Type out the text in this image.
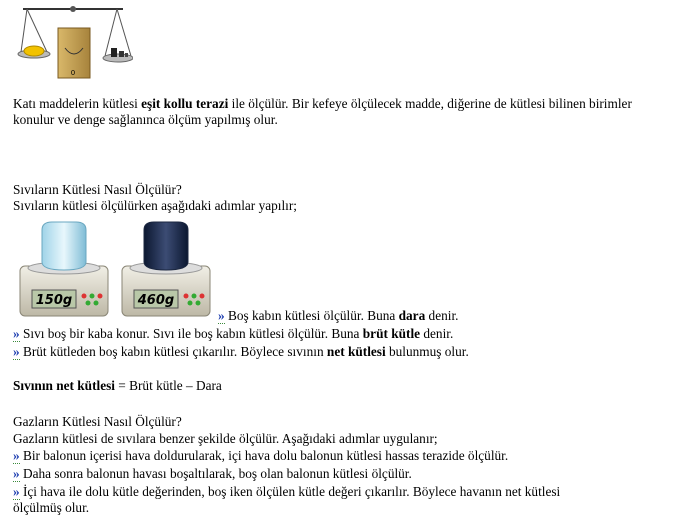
0
Katı maddelerin kütlesi eşit kollu terazi ile ölçülür. Bir kefeye ölçülecek madde, diğerine de kütlesi bilinen birimler konulur ve denge sağlanınca ölçüm yapılmış olur.
Sıvıların Kütlesi Nasıl Ölçülür?
Sıvıların kütlesi ölçülürken aşağıdaki adımlar yapılır;
150g	460g
» Boş kabın kütlesi ölçülür. Buna dara denir.
» Sıvı boş bir kaba konur. Sıvı ile boş kabın kütlesi ölçülür. Buna brüt kütle denir.
» Brüt kütleden boş kabın kütlesi çıkarılır. Böylece sıvının net kütlesi bulunmuş olur.
Sıvının net kütlesi = Brüt kütle – Dara
Gazların Kütlesi Nasıl Ölçülür?
Gazların kütlesi de sıvılara benzer şekilde ölçülür. Aşağıdaki adımlar uygulanır;
» Bir balonun içerisi hava doldurularak, içi hava dolu balonun kütlesi hassas terazide ölçülür.
» Daha sonra balonun havası boşaltılarak, boş olan balonun kütlesi ölçülür.
» İçi hava ile dolu kütle değerinden, boş iken ölçülen kütle değeri çıkarılır. Böylece havanın net kütlesi
ölçülmüş olur.
